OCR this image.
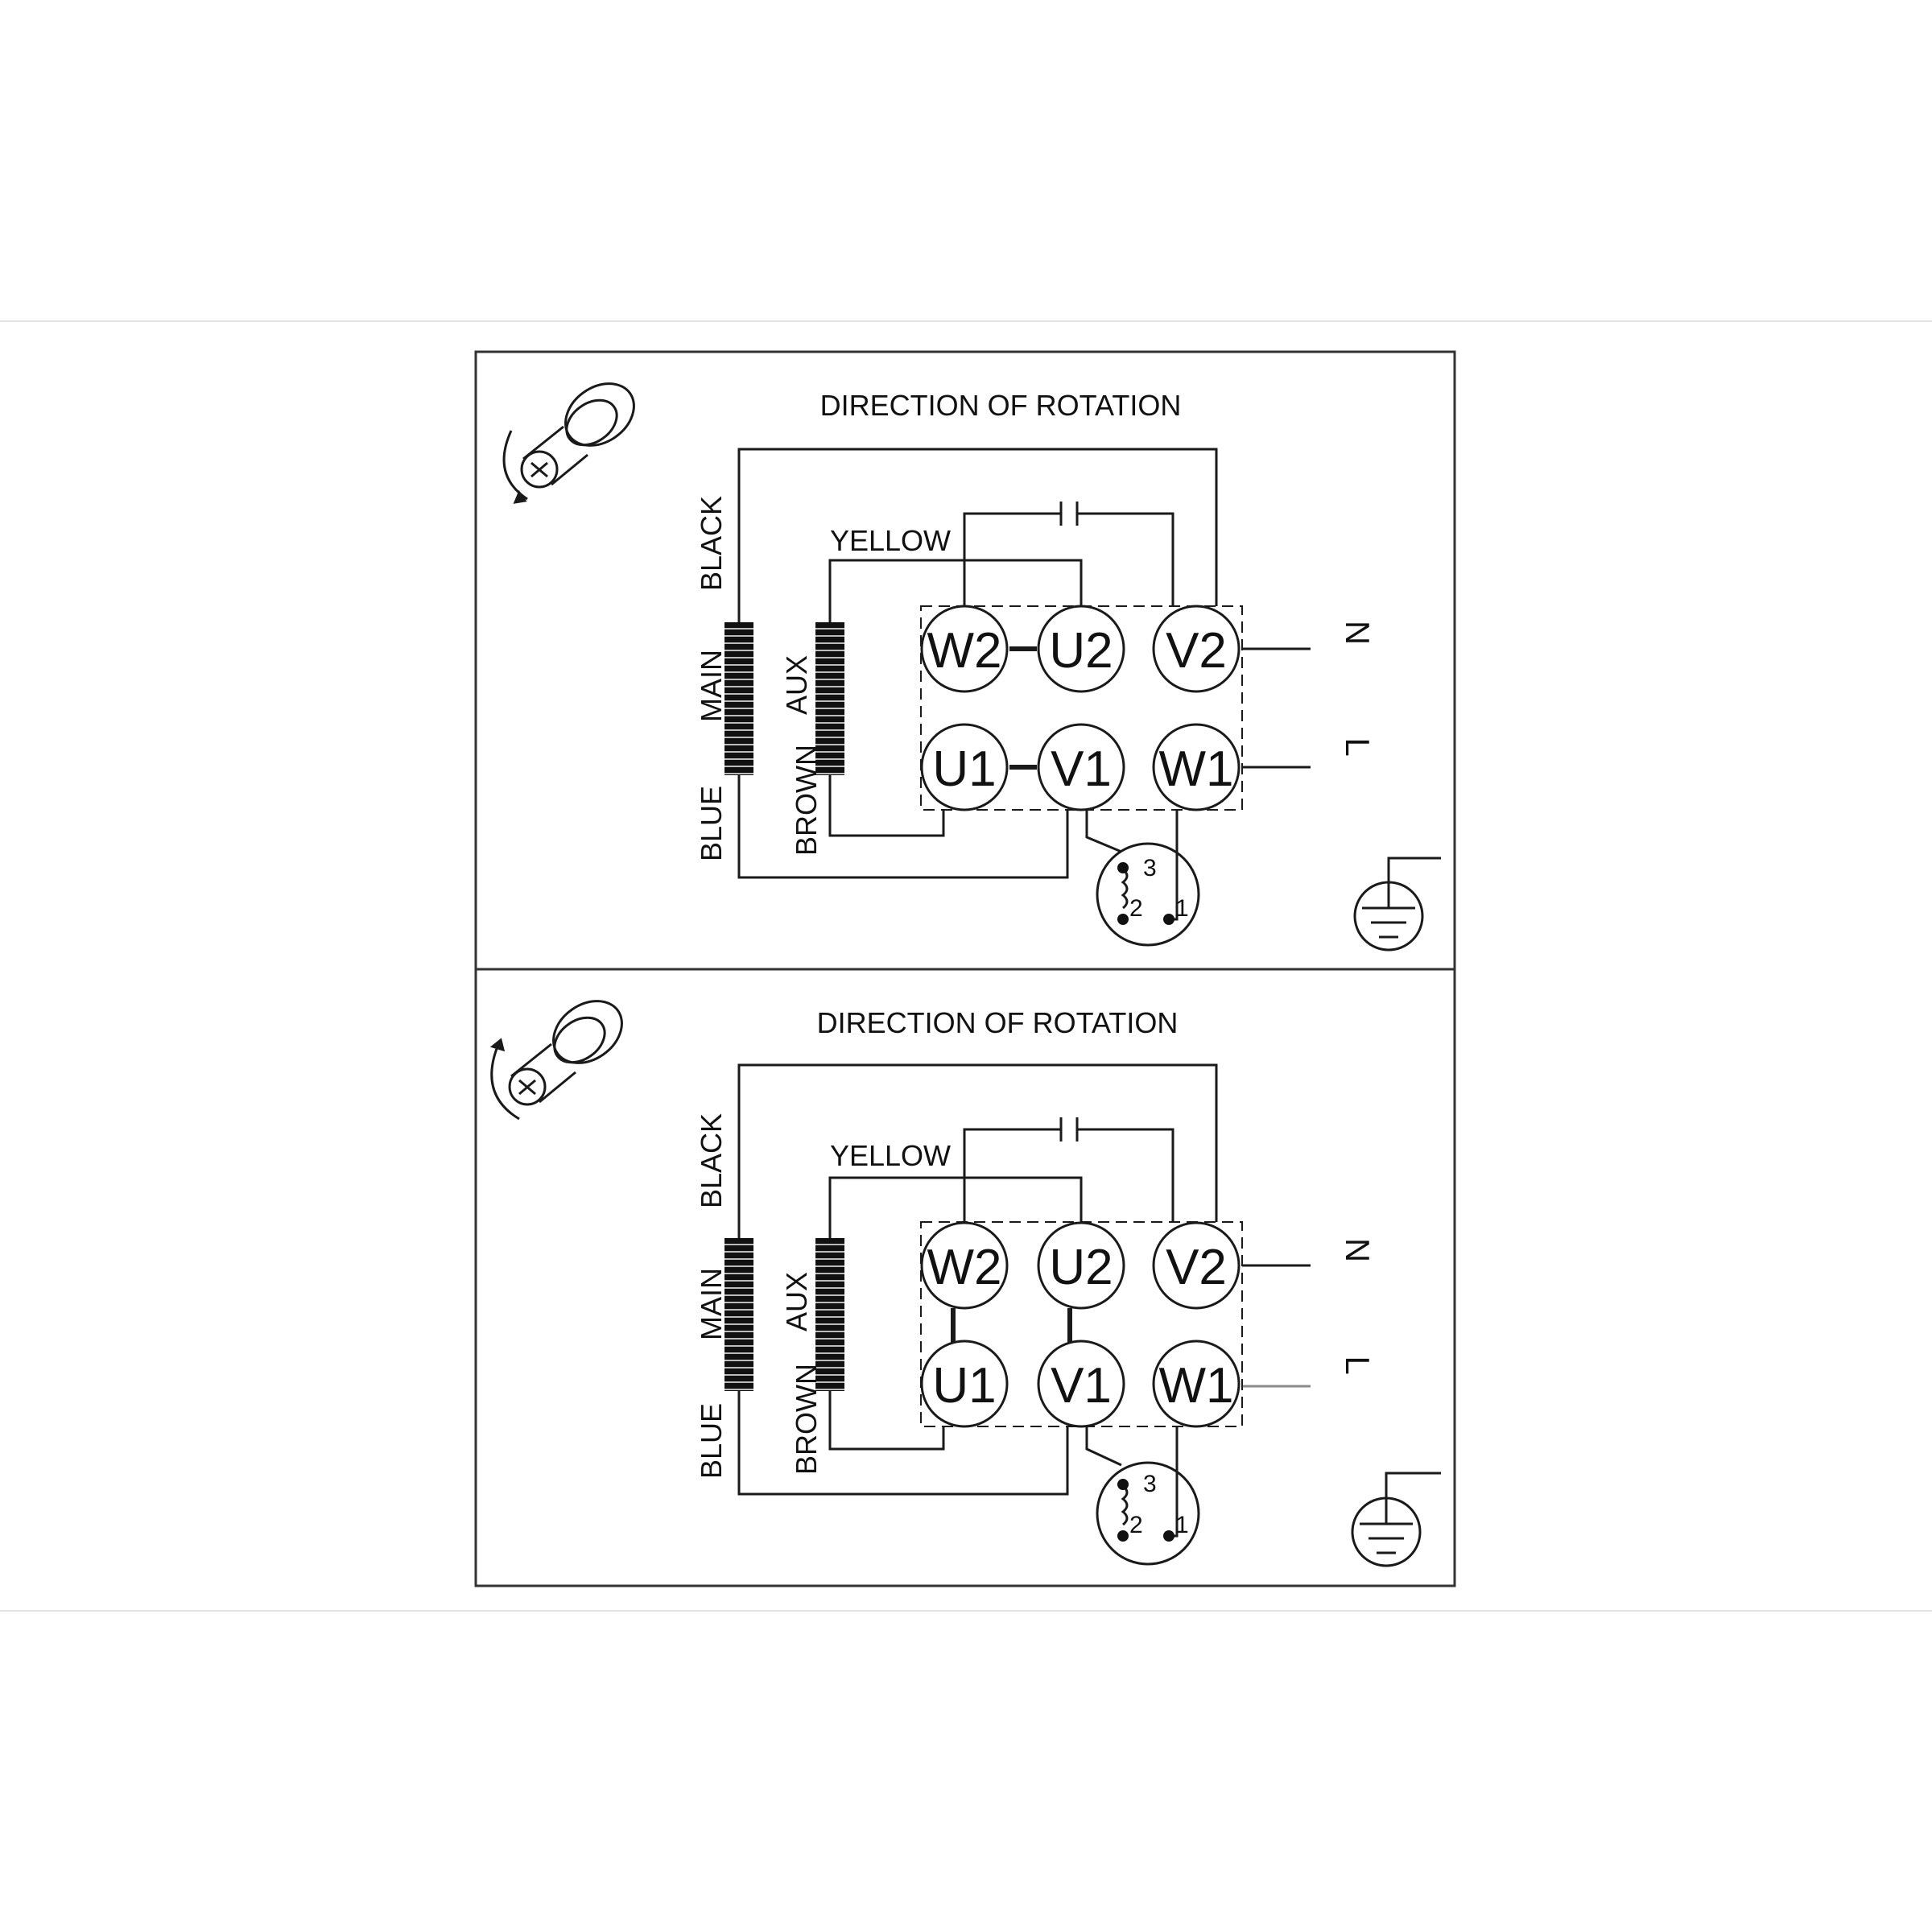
DIRECTION OF ROTATION
W2 U2 V2
U1 V1 W1
YELLOW
BLACK
MAIN
BLUE
AUX
BROWN
N
L
3
2 1
DIRECTION OF ROTATION
W2 U2 V2
U1 V1 W1
YELLOW
BLACK
MAIN
BLUE
AUX
BROWN
N
L
3
2 1
